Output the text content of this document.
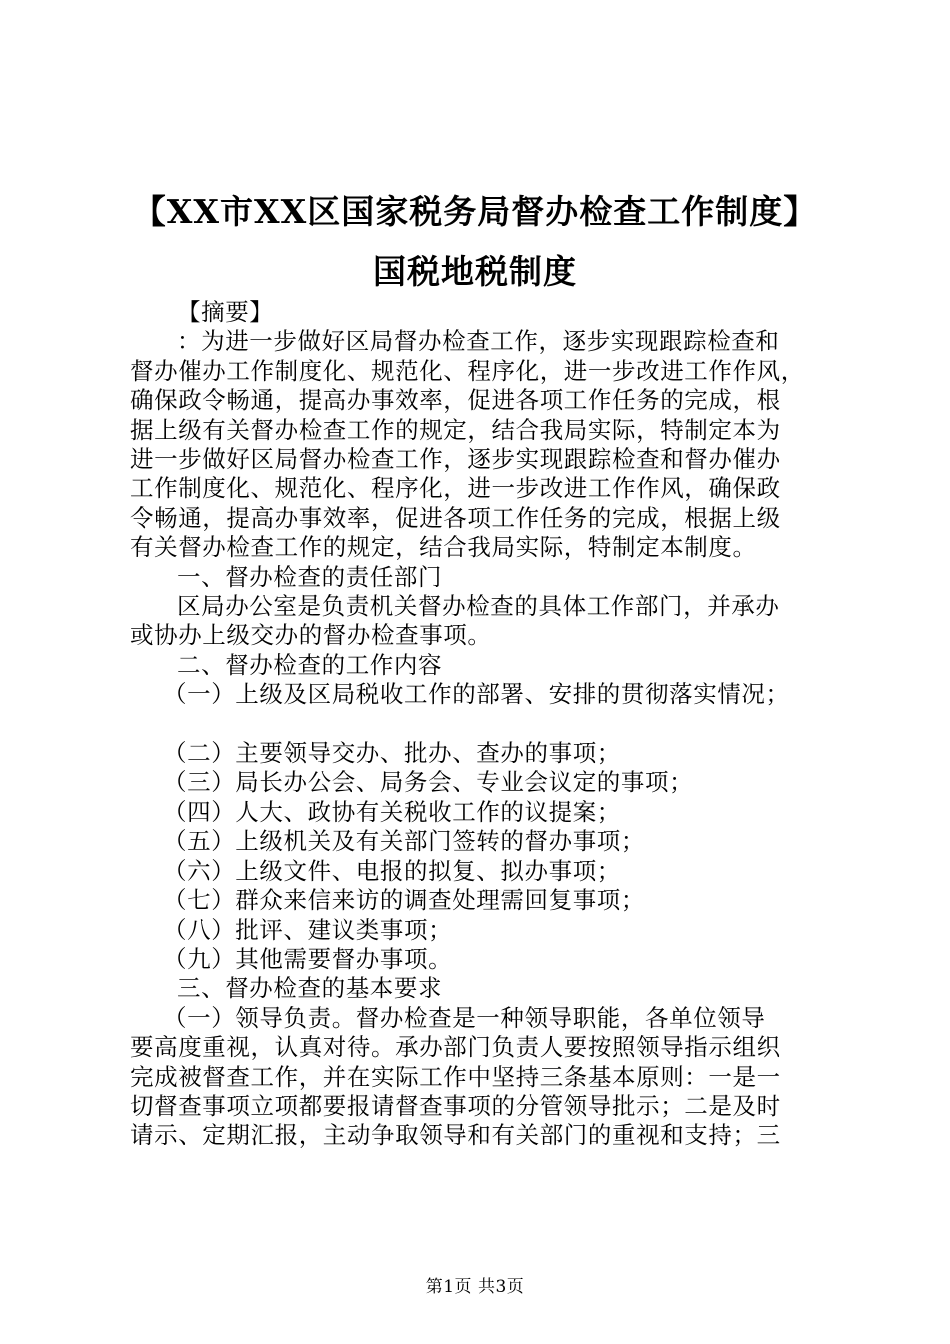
【XX市XX区国家税务局督办检查工作制度】
国税地税制度

【摘要】

：为进一步做好区局督办检查工作，逐步实现跟踪检查和

督办催办工作制度化、规范化、程序化，进一步改进工作作风，

确保政令畅通，提高办事效率，促进各项工作任务的完成，根

据上级有关督办检查工作的规定，结合我局实际，特制定本为

进一步做好区局督办检查工作，逐步实现跟踪检查和督办催办

工作制度化、规范化、程序化，进一步改进工作作风，确保政

令畅通，提高办事效率，促进各项工作任务的完成，根据上级

有关督办检查工作的规定，结合我局实际，特制定本制度。

一、督办检查的责任部门

区局办公室是负责机关督办检查的具体工作部门，并承办

或协办上级交办的督办检查事项。

二、督办检查的工作内容

（一）上级及区局税收工作的部署、安排的贯彻落实情况；

（二）主要领导交办、批办、查办的事项；

（三）局长办公会、局务会、专业会议定的事项；

（四）人大、政协有关税收工作的议提案；

（五）上级机关及有关部门签转的督办事项；

（六）上级文件、电报的拟复、拟办事项；

（七）群众来信来访的调查处理需回复事项；

（八）批评、建议类事项；

（九）其他需要督办事项。

三、督办检查的基本要求

（一）领导负责。督办检查是一种领导职能，各单位领导

要高度重视，认真对待。承办部门负责人要按照领导指示组织

完成被督查工作，并在实际工作中坚持三条基本原则：一是一

切督查事项立项都要报请督查事项的分管领导批示；二是及时

请示、定期汇报，主动争取领导和有关部门的重视和支持；三

第1页 共3页
